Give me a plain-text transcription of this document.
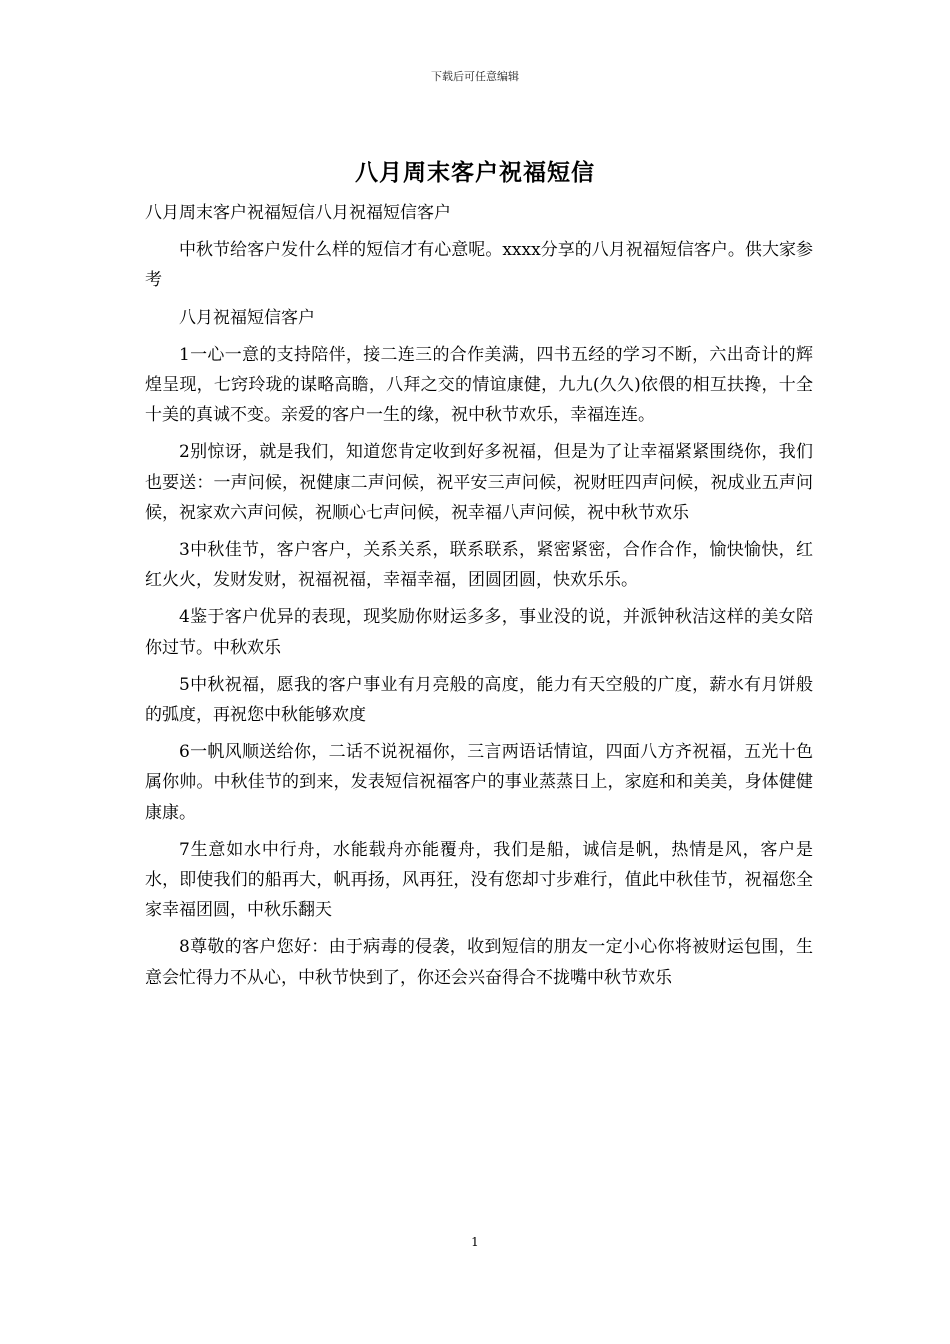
下载后可任意编辑
八月周末客户祝福短信

八月周末客户祝福短信八月祝福短信客户

中秋节给客户发什么样的短信才有心意呢。xxxx分享的八月祝福短信客户。供大家参考

八月祝福短信客户

1一心一意的支持陪伴，接二连三的合作美满，四书五经的学习不断，六出奇计的辉煌呈现，七窍玲珑的谋略高瞻，八拜之交的情谊康健，九九(久久)依偎的相互扶搀，十全十美的真诚不变。亲爱的客户一生的缘，祝中秋节欢乐，幸福连连。

2别惊讶，就是我们，知道您肯定收到好多祝福，但是为了让幸福紧紧围绕你，我们也要送：一声问候，祝健康二声问候，祝平安三声问候，祝财旺四声问候，祝成业五声问候，祝家欢六声问候，祝顺心七声问候，祝幸福八声问候，祝中秋节欢乐

3中秋佳节，客户客户，关系关系，联系联系，紧密紧密，合作合作，愉快愉快，红红火火，发财发财，祝福祝福，幸福幸福，团圆团圆，快欢乐乐。

4鉴于客户优异的表现，现奖励你财运多多，事业没的说，并派钟秋洁这样的美女陪你过节。中秋欢乐

5中秋祝福，愿我的客户事业有月亮般的高度，能力有天空般的广度，薪水有月饼般的弧度，再祝您中秋能够欢度

6一帆风顺送给你，二话不说祝福你，三言两语话情谊，四面八方齐祝福，五光十色属你帅。中秋佳节的到来，发表短信祝福客户的事业蒸蒸日上，家庭和和美美，身体健健康康。

7生意如水中行舟，水能载舟亦能覆舟，我们是船，诚信是帆，热情是风，客户是水，即使我们的船再大，帆再扬，风再狂，没有您却寸步难行，值此中秋佳节，祝福您全家幸福团圆，中秋乐翻天

8尊敬的客户您好：由于病毒的侵袭，收到短信的朋友一定小心你将被财运包围，生意会忙得力不从心，中秋节快到了，你还会兴奋得合不拢嘴中秋节欢乐

1
